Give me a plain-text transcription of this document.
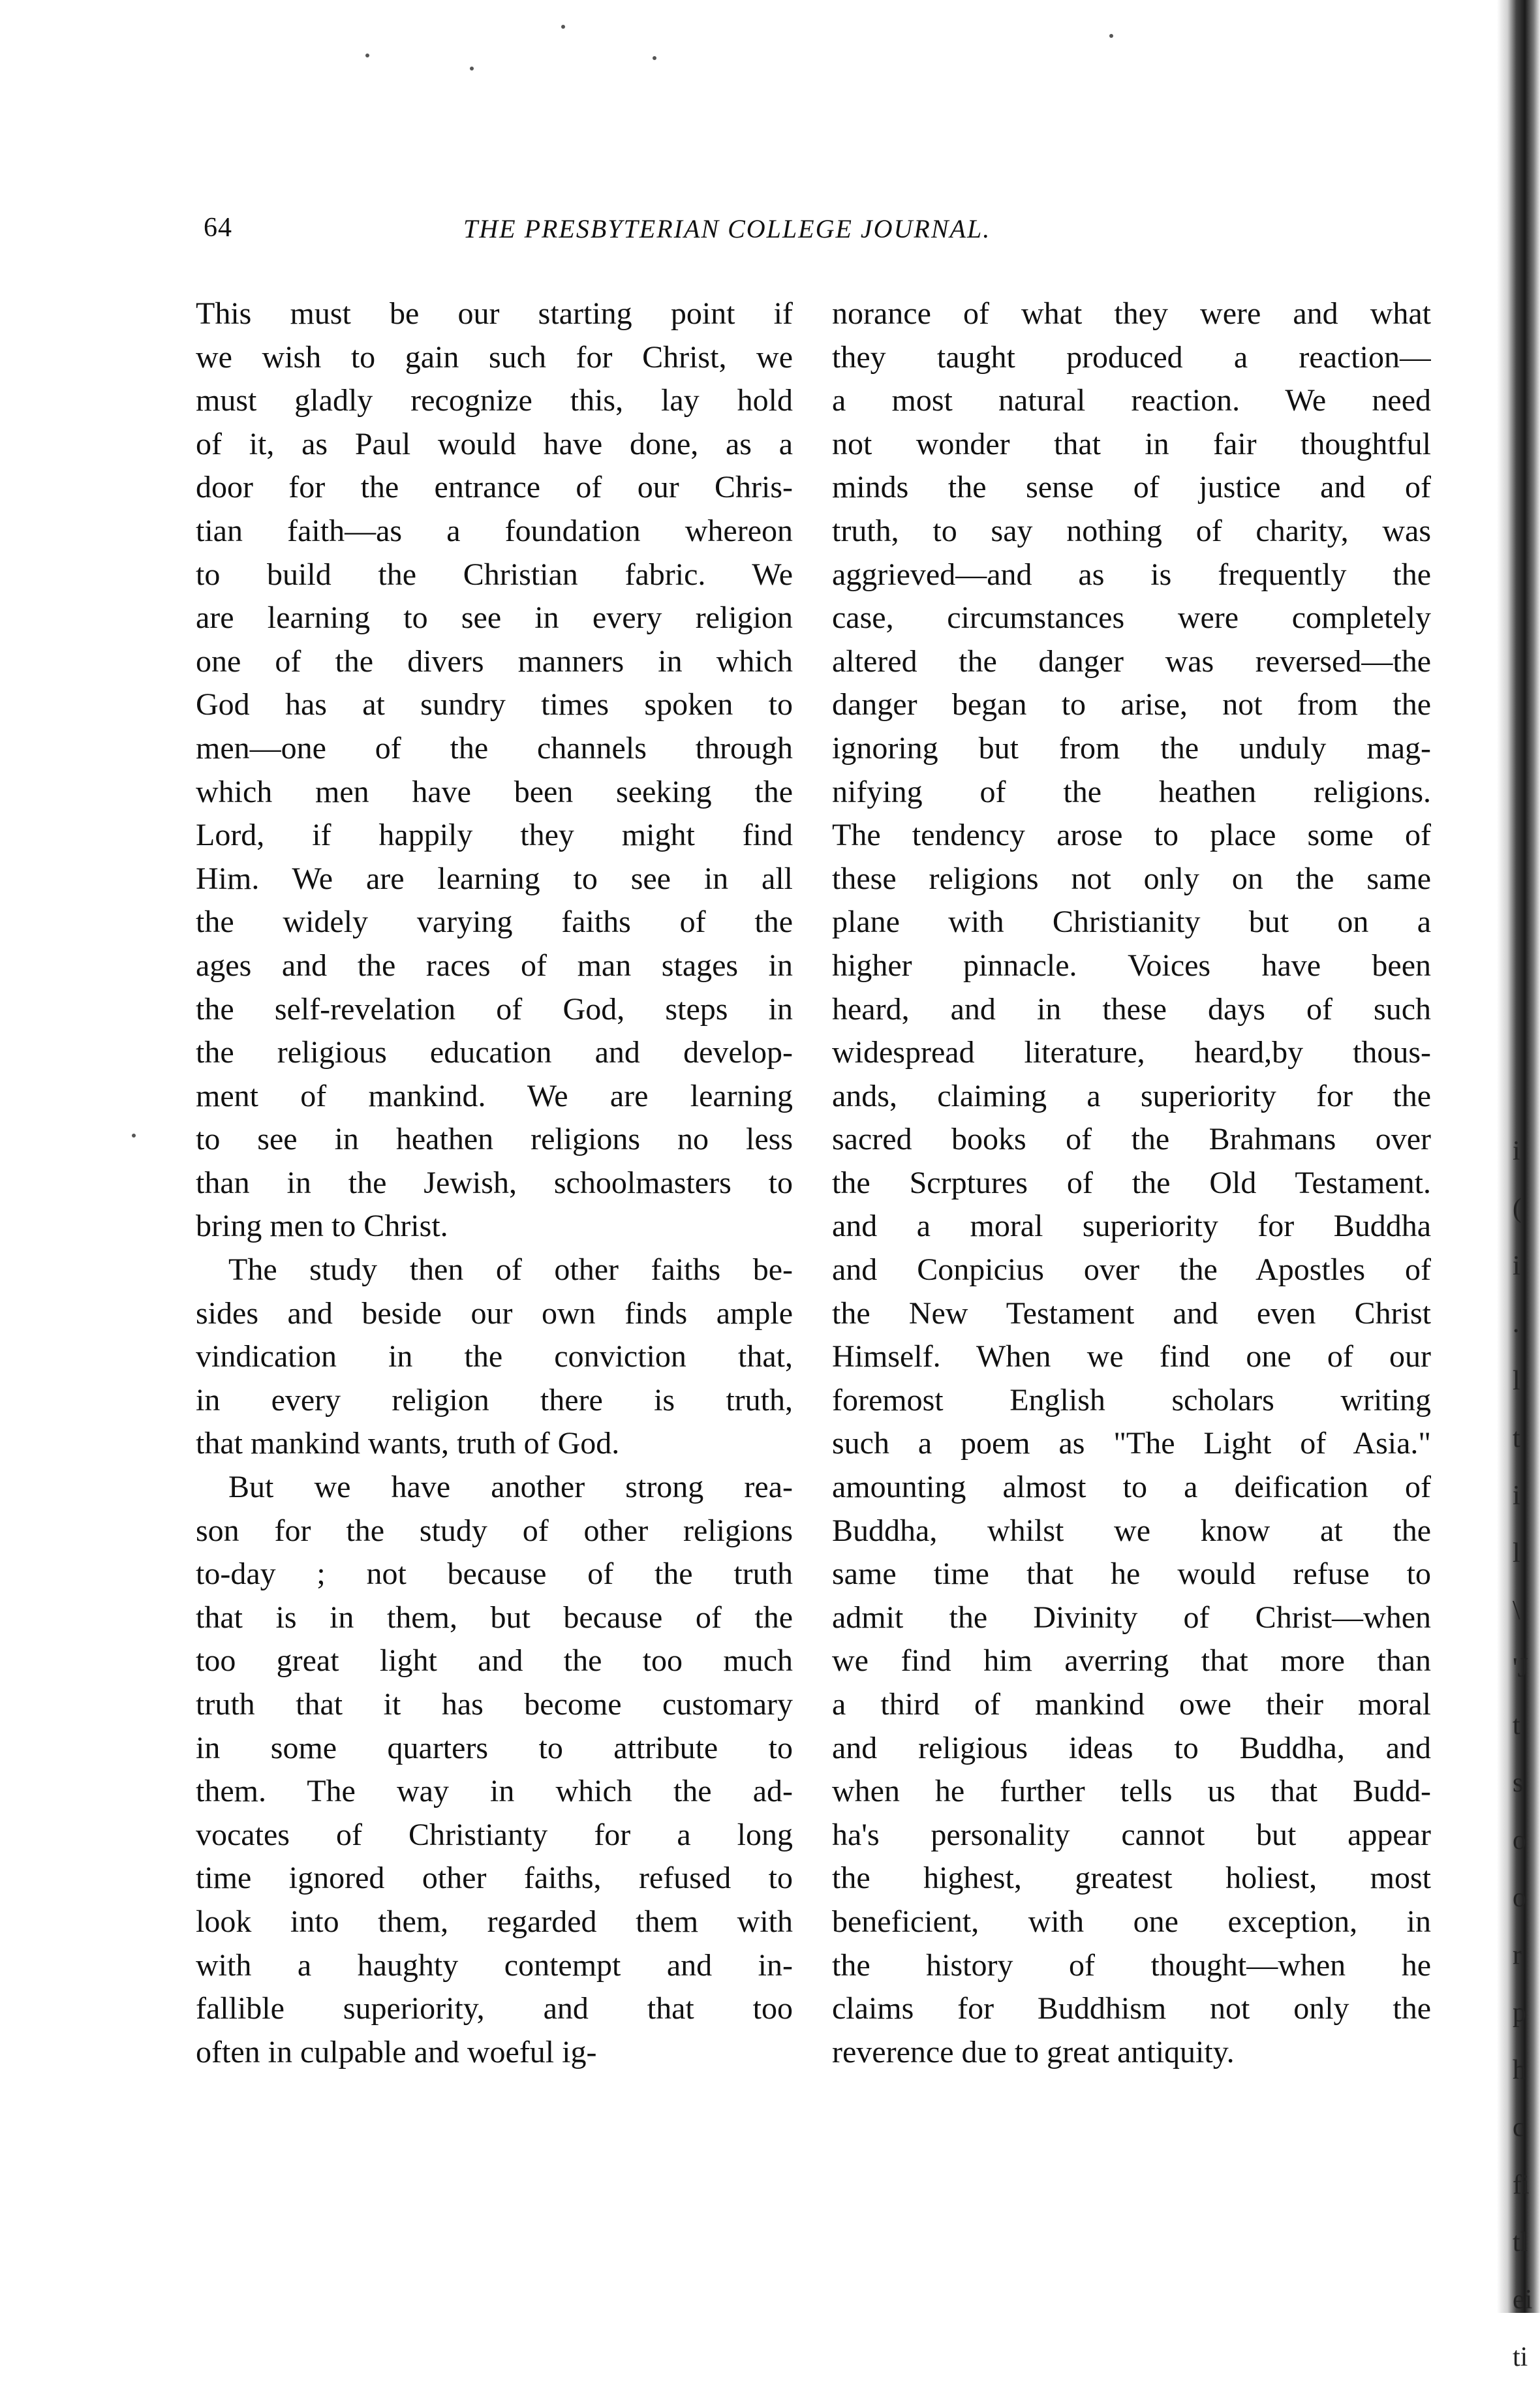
64	THE PRESBYTERIAN COLLEGE JOURNAL.
This must be our starting point if
we wish to gain such for Christ, we
must gladly recognize this, lay hold
of it, as Paul would have done, as a
door for the entrance of our Chris-
tian faith—as a foundation whereon
to build the Christian fabric. We
are learning to see in every religion
one of the divers manners in which
God has at sundry times spoken to
men—one of the channels through
which men have been seeking the
Lord, if happily they might find
Him. We are learning to see in all
the widely varying faiths of the
ages and the races of man stages in
the self-revelation of God, steps in
the religious education and develop-
ment of mankind. We are learning
to see in heathen religions no less
than in the Jewish, schoolmasters to
bring men to Christ.
The study then of other faiths be-
sides and beside our own finds ample
vindication in the conviction that,
in every religion there is truth,
that mankind wants, truth of God.
But we have another strong rea-
son for the study of other religions
to-day ; not because of the truth
that is in them, but because of the
too great light and the too much
truth that it has become customary
in some quarters to attribute to
them. The way in which the ad-
vocates of Christianty for a long
time ignored other faiths, refused to
look into them, regarded them with
with a haughty contempt and in-
fallible superiority, and that too
often in culpable and woeful ig-
norance of what they were and what
they taught produced a reaction—
a most natural reaction. We need
not wonder that in fair thoughtful
minds the sense of justice and of
truth, to say nothing of charity, was
aggrieved—and as is frequently the
case, circumstances were completely
altered the danger was reversed—the
danger began to arise, not from the
ignoring but from the unduly mag-
nifying of the heathen religions.
The tendency arose to place some of
these religions not only on the same
plane with Christianity but on a
higher pinnacle. Voices have been
heard, and in these days of such
widespread literature, heard,by thous-
ands, claiming a superiority for the
sacred books of the Brahmans over
the Scrptures of the Old Testament.
and a moral superiority for Buddha
and Conpicius over the Apostles of
the New Testament and even Christ
Himself. When we find one of our
foremost English scholars writing
such a poem as "The Light of Asia."
amounting almost to a deification of
Buddha, whilst we know at the
same time that he would refuse to
admit the Divinity of Christ—when
we find him averring that more than
a third of mankind owe their moral
and religious ideas to Buddha, and
when he further tells us that Budd-
ha's personality cannot but appear
the highest, greatest holiest, most
beneficient, with one exception, in
the history of thought—when he
claims for Buddhism not only the
reverence due to great antiquity.
i
(
i
.
l
t
i
l
\
'J
t
s
o
o
r
p
h
c
fi
tl
ei
ti
